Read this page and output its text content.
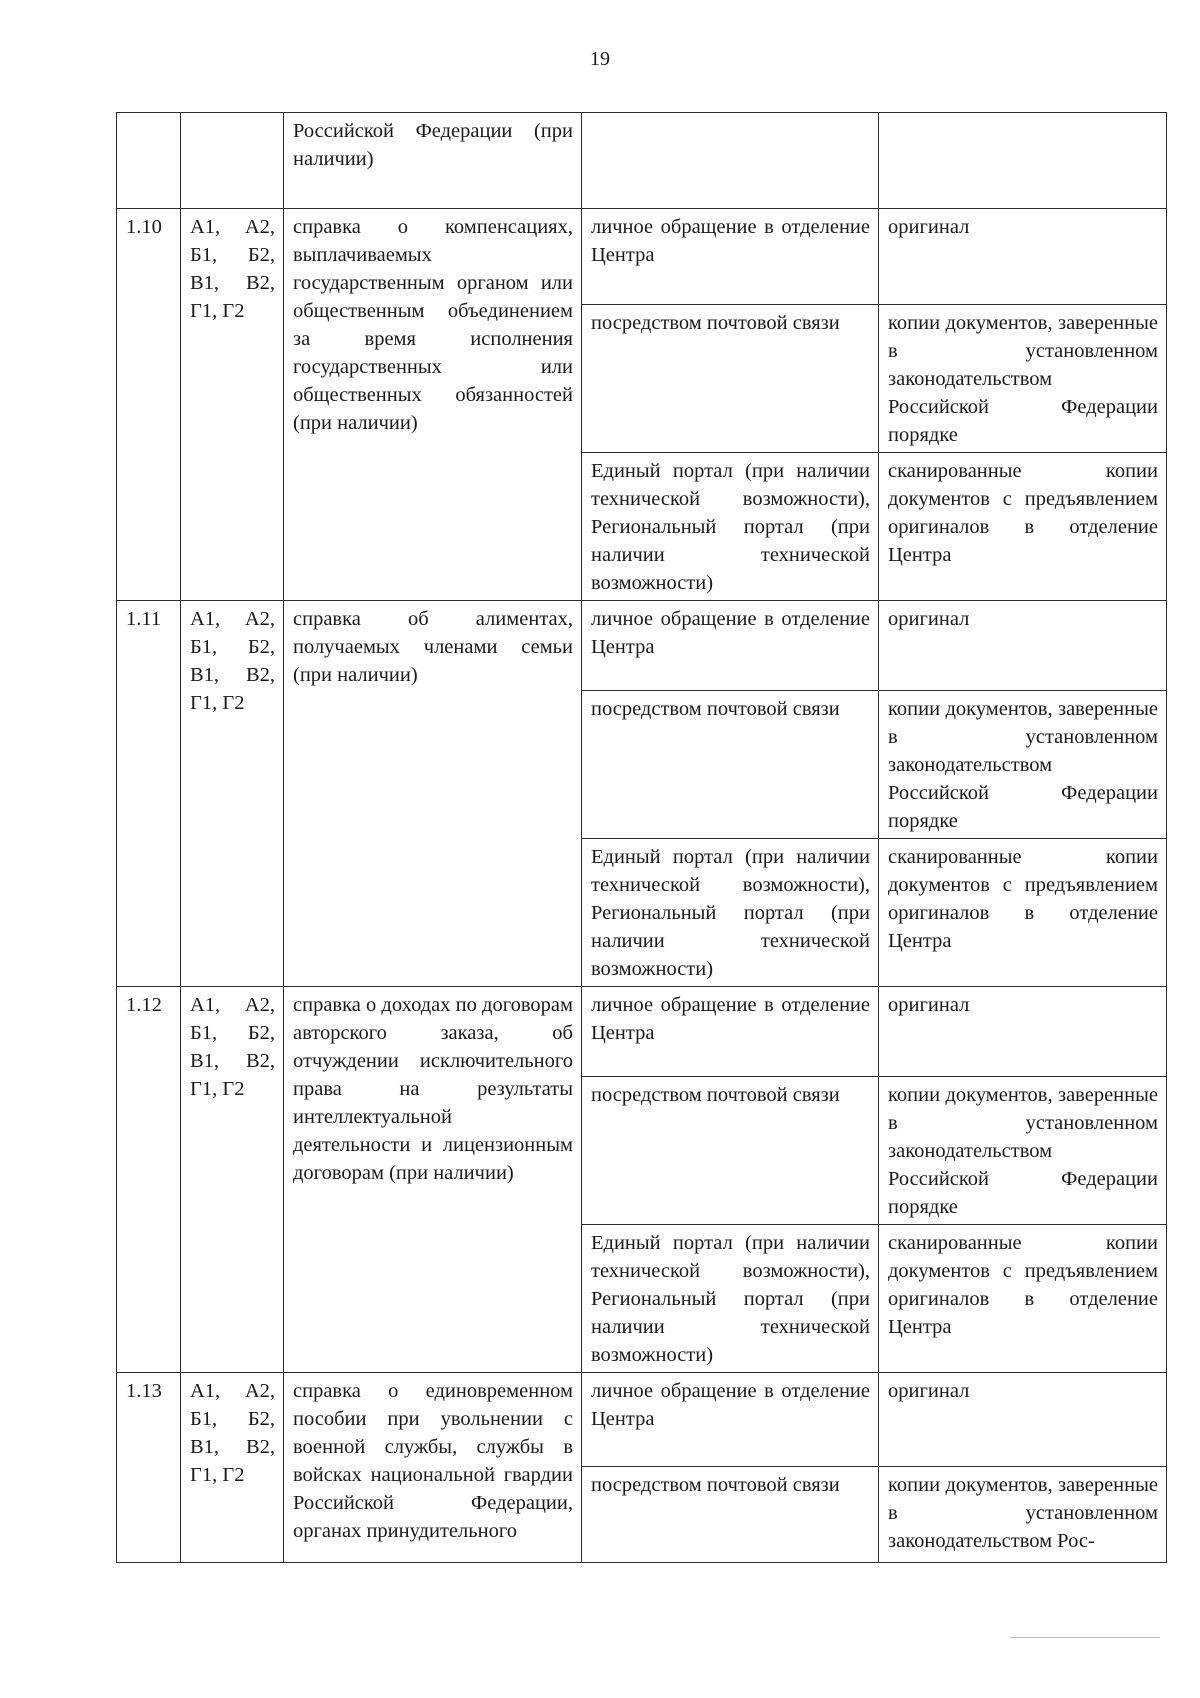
19
		Российской Федерации (при наличии)		
1.10	А1, А2, Б1, Б2, В1, В2, Г1, Г2	справка о компенсациях, выплачиваемых государственным органом или общественным объединением за время исполнения государственных или общественных обязанностей (при наличии)	личное обращение в отделение Центра	оригинал
			посредством почтовой связи	копии документов, заверенные в установленном законодательством Российской Федерации порядке
			Единый портал (при наличии технической возможности), Региональный портал (при наличии технической возможности)	сканированные копии документов с предъявлением оригиналов в отделение Центра
1.11	А1, А2, Б1, Б2, В1, В2, Г1, Г2	справка об алиментах, получаемых членами семьи (при наличии)	личное обращение в отделение Центра	оригинал
			посредством почтовой связи	копии документов, заверенные в установленном законодательством Российской Федерации порядке
			Единый портал (при наличии технической возможности), Региональный портал (при наличии технической возможности)	сканированные копии документов с предъявлением оригиналов в отделение Центра
1.12	А1, А2, Б1, Б2, В1, В2, Г1, Г2	справка о доходах по договорам авторского заказа, об отчуждении исключительного права на результаты интеллектуальной деятельности и лицензионным договорам (при наличии)	личное обращение в отделение Центра	оригинал
			посредством почтовой связи	копии документов, заверенные в установленном законодательством Российской Федерации порядке
			Единый портал (при наличии технической возможности), Региональный портал (при наличии технической возможности)	сканированные копии документов с предъявлением оригиналов в отделение Центра
1.13	А1, А2, Б1, Б2, В1, В2, Г1, Г2	справка о единовременном пособии при увольнении с военной службы, службы в войсках национальной гвардии Российской Федерации, органах принудительного	личное обращение в отделение Центра	оригинал
			посредством почтовой связи	копии документов, заверенные в установленном законодательством Рос-
